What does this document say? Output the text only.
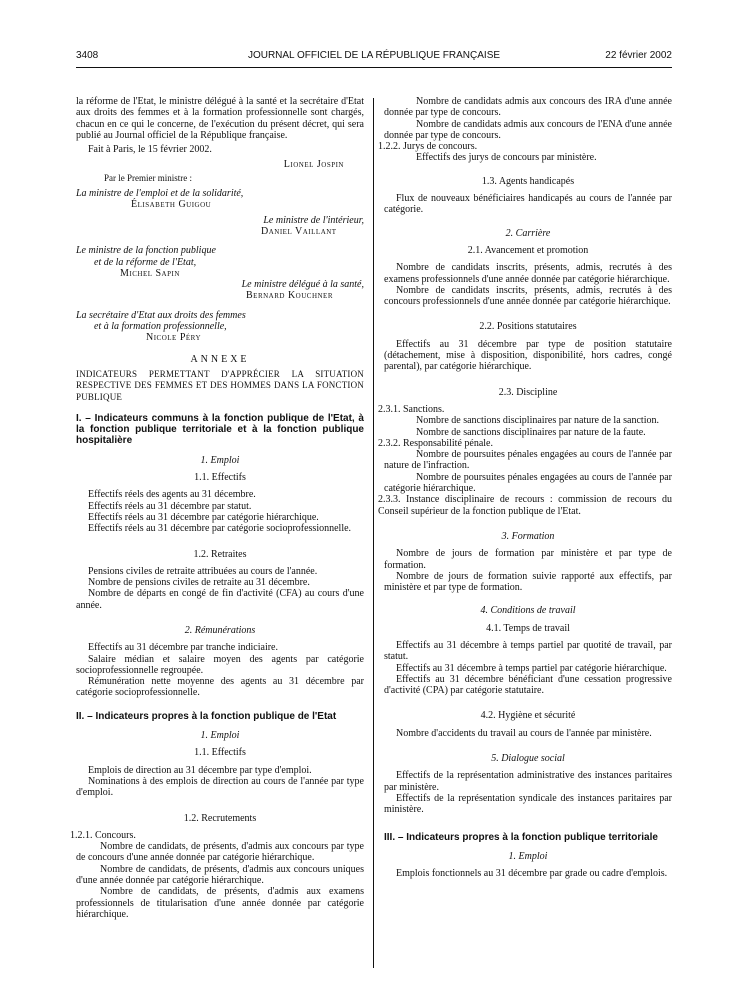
3408	JOURNAL OFFICIEL DE LA RÉPUBLIQUE FRANÇAISE	22 février 2002

la réforme de l'Etat, le ministre délégué à la santé et la secrétaire d'Etat aux droits des femmes et à la formation professionnelle sont chargés, chacun en ce qui le concerne, de l'exécution du présent décret, qui sera publié au Journal officiel de la République française.

Fait à Paris, le 15 février 2002.

Lionel Jospin

Par le Premier ministre :

La ministre de l'emploi et de la solidarité,

Élisabeth Guigou

Le ministre de l'intérieur,

Daniel Vaillant

Le ministre de la fonction publique

et de la réforme de l'Etat,

Michel Sapin

Le ministre délégué à la santé,

Bernard Kouchner

La secrétaire d'Etat aux droits des femmes

et à la formation professionnelle,

Nicole Péry

ANNEXE

INDICATEURS PERMETTANT D'APPRÉCIER LA SITUATION RESPECTIVE DES FEMMES ET DES HOMMES DANS LA FONCTION PUBLIQUE

I. – Indicateurs communs à la fonction publique de l'Etat, à la fonction publique territoriale et à la fonction publique hospitalière

1. Emploi

1.1. Effectifs

Effectifs réels des agents au 31 décembre.

Effectifs réels au 31 décembre par statut.

Effectifs réels au 31 décembre par catégorie hiérarchique.

Effectifs réels au 31 décembre par catégorie socioprofessionnelle.

1.2. Retraites

Pensions civiles de retraite attribuées au cours de l'année.

Nombre de pensions civiles de retraite au 31 décembre.

Nombre de départs en congé de fin d'activité (CFA) au cours d'une année.

2. Rémunérations

Effectifs au 31 décembre par tranche indiciaire.

Salaire médian et salaire moyen des agents par catégorie socioprofessionnelle regroupée.

Rémunération nette moyenne des agents au 31 décembre par catégorie socioprofessionnelle.

II. – Indicateurs propres à la fonction publique de l'Etat

1. Emploi

1.1. Effectifs

Emplois de direction au 31 décembre par type d'emploi.

Nominations à des emplois de direction au cours de l'année par type d'emploi.

1.2. Recrutements

1.2.1. Concours.

Nombre de candidats, de présents, d'admis aux concours par type de concours d'une année donnée par catégorie hiérarchique.

Nombre de candidats, de présents, d'admis aux concours uniques d'une année donnée par catégorie hiérarchique.

Nombre de candidats, de présents, d'admis aux examens professionnels de titularisation d'une année donnée par catégorie hiérarchique.

Nombre de candidats admis aux concours des IRA d'une année donnée par type de concours.

Nombre de candidats admis aux concours de l'ENA d'une année donnée par type de concours.

1.2.2. Jurys de concours.

Effectifs des jurys de concours par ministère.

1.3. Agents handicapés

Flux de nouveaux bénéficiaires handicapés au cours de l'année par catégorie.

2. Carrière

2.1. Avancement et promotion

Nombre de candidats inscrits, présents, admis, recrutés à des examens professionnels d'une année donnée par catégorie hiérarchique.

Nombre de candidats inscrits, présents, admis, recrutés à des concours professionnels d'une année donnée par catégorie hiérarchique.

2.2. Positions statutaires

Effectifs au 31 décembre par type de position statutaire (détachement, mise à disposition, disponibilité, hors cadres, congé parental), par catégorie hiérarchique.

2.3. Discipline

2.3.1. Sanctions.

Nombre de sanctions disciplinaires par nature de la sanction.

Nombre de sanctions disciplinaires par nature de la faute.

2.3.2. Responsabilité pénale.

Nombre de poursuites pénales engagées au cours de l'année par nature de l'infraction.

Nombre de poursuites pénales engagées au cours de l'année par catégorie hiérarchique.

2.3.3. Instance disciplinaire de recours : commission de recours du Conseil supérieur de la fonction publique de l'Etat.

3. Formation

Nombre de jours de formation par ministère et par type de formation.

Nombre de jours de formation suivie rapporté aux effectifs, par ministère et par type de formation.

4. Conditions de travail

4.1. Temps de travail

Effectifs au 31 décembre à temps partiel par quotité de travail, par statut.

Effectifs au 31 décembre à temps partiel par catégorie hiérarchique.

Effectifs au 31 décembre bénéficiant d'une cessation progressive d'activité (CPA) par catégorie statutaire.

4.2. Hygiène et sécurité

Nombre d'accidents du travail au cours de l'année par ministère.

5. Dialogue social

Effectifs de la représentation administrative des instances paritaires par ministère.

Effectifs de la représentation syndicale des instances paritaires par ministère.

III. – Indicateurs propres à la fonction publique territoriale

1. Emploi

Emplois fonctionnels au 31 décembre par grade ou cadre d'emplois.
